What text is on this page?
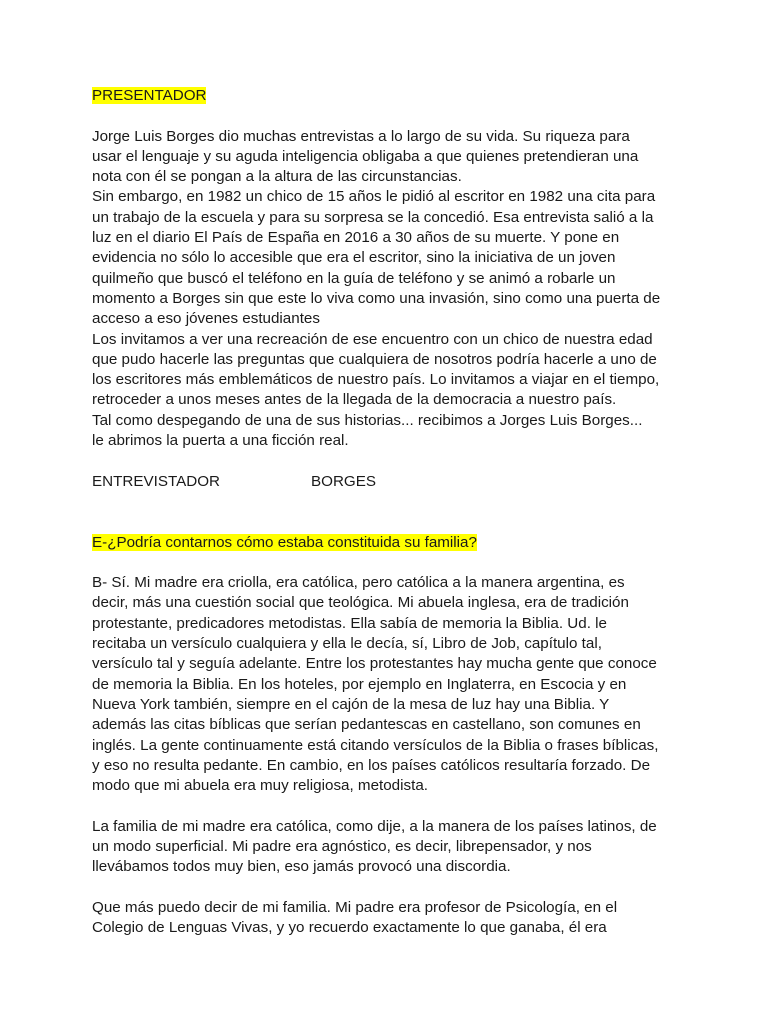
PRESENTADOR
Jorge Luis Borges dio muchas entrevistas a lo largo de su vida. Su riqueza para
usar el lenguaje y su aguda inteligencia obligaba a que quienes pretendieran una
nota con él se pongan a la altura de las circunstancias.
Sin embargo, en 1982 un chico de 15 años le pidió al escritor en 1982 una cita para
un trabajo de la escuela y para su sorpresa se la concedió. Esa entrevista salió a la
luz en el diario El País de España en 2016 a 30 años de su muerte. Y pone en
evidencia no sólo lo accesible que era el escritor, sino la iniciativa de un joven
quilmeño que buscó el teléfono en la guía de teléfono y se animó a robarle un
momento a Borges sin que este lo viva como una invasión, sino como una puerta de
acceso a eso jóvenes estudiantes
Los invitamos a ver una recreación de ese encuentro con un chico de nuestra edad
que pudo hacerle las preguntas que cualquiera de nosotros podría hacerle a uno de
los escritores más emblemáticos de nuestro país. Lo invitamos a viajar en el tiempo,
retroceder a unos meses antes de la llegada de la democracia a nuestro país.
Tal como despegando de una de sus historias... recibimos a Jorges Luis Borges...
le abrimos la puerta a una ficción real.
ENTREVISTADOR	BORGES
E-¿Podría contarnos cómo estaba constituida su familia?
B- Sí. Mi madre era criolla, era católica, pero católica a la manera argentina, es
decir, más una cuestión social que teológica. Mi abuela inglesa, era de tradición
protestante, predicadores metodistas. Ella sabía de memoria la Biblia. Ud. le
recitaba un versículo cualquiera y ella le decía, sí, Libro de Job, capítulo tal,
versículo tal y seguía adelante. Entre los protestantes hay mucha gente que conoce
de memoria la Biblia. En los hoteles, por ejemplo en Inglaterra, en Escocia y en
Nueva York también, siempre en el cajón de la mesa de luz hay una Biblia. Y
además las citas bíblicas que serían pedantescas en castellano, son comunes en
inglés. La gente continuamente está citando versículos de la Biblia o frases bíblicas,
y eso no resulta pedante. En cambio, en los países católicos resultaría forzado. De
modo que mi abuela era muy religiosa, metodista.
La familia de mi madre era católica, como dije, a la manera de los países latinos, de
un modo superficial. Mi padre era agnóstico, es decir, librepensador, y nos
llevábamos todos muy bien, eso jamás provocó una discordia.
Que más puedo decir de mi familia. Mi padre era profesor de Psicología, en el
Colegio de Lenguas Vivas, y yo recuerdo exactamente lo que ganaba, él era
